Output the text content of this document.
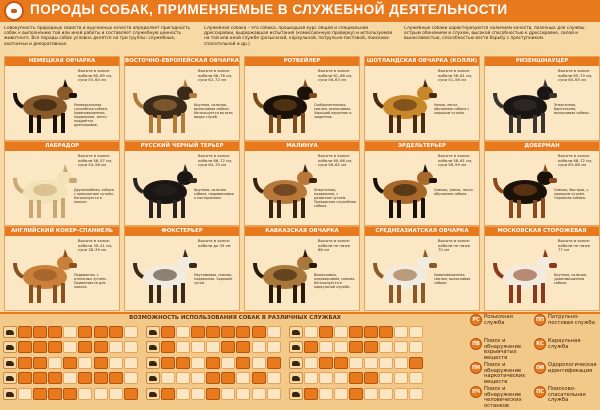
ПОРОДЫ СОБАК, ПРИМЕНЯЕМЫЕ В СЛУЖЕБНОЙ ДЕЯТЕЛЬНОСТИ
Совокупность природных свойств и выученных качеств определяет пригодность собак к выполнению той или иной работы и составляет служебную ценность животного. Все породы собак условно делятся на три группы: служебные, охотничьи и декоративные.
Служебная собака – это собака, прошедшая курс общей и специальной дрессировки, выдержавшая испытания (комиссионную проверку) и используемая на той или иной службе (розыскной, караульной, патрульно-постовой, поисково-спасательной и др.).
Служебные собаки характеризуются наличием качеств, полезных для службы: острым обонянием и слухом, высокой способностью к дрессировке, силой и выносливостью, способностью вести борьбу с преступником.
НЕМЕЦКАЯ ОВЧАРКА
Высота в холке: кобели 60–65 см, суки 55–60 см
Универсальная служебная собака. Уравновешенная, подвижная, легко поддаётся дрессировке.
ВОСТОЧНО-ЕВРОПЕЙСКАЯ ОВЧАРКА
Высота в холке: кобели 66–76 см, суки 62–72 см
Крупная, сильная, выносливая собака. Используется во всех видах служб.
РОТВЕЙЛЕР
Высота в холке: кобели 61–68 см, суки 56–63 см
Сообразительная, смелая, выносливая. Хороший охранник и защитник.
ШОТЛАНДСКАЯ ОВЧАРКА (КОЛЛИ)
Высота в холке: кобели 56–61 см, суки 51–56 см
Умная, легко обучаемая собака с хорошим чутьём.
РИЗЕНШНАУЦЕР
Высота в холке: кобели 65–70 см, суки 60–65 см
Энергичная, бдительная, выносливая собака.
ЛАБРАДОР
Высота в холке: кобели 56–57 см, суки 54–56 см
Дружелюбная, собака с прекрасным чутьём. Используется в поиске.
РУССКИЙ ЧЕРНЫЙ ТЕРЬЕР
Высота в холке: кобели 66–72 см, суки 64–70 см
Крупная, сильная собака, недоверчивая к посторонним.
МАЛИНУА
Высота в холке: кобели 60–66 см, суки 56–62 см
Энергичная, подвижная, с развитым чутьём. Прекрасная служебная собака.
ЭРДЕЛЬТЕРЬЕР
Высота в холке: кобели 58–61 см, суки 56–59 см
Смелая, умная, легко обучаемая собака.
ДОБЕРМАН
Высота в холке: кобели 68–72 см, суки 63–68 см
Смелая, быстрая, с хорошим чутьём. Охранная собака.
АНГЛИЙСКИЙ КОКЕР-СПАНИЕЛЬ
Высота в холке: кобели 39–41 см, суки 38–39 см
Подвижная, с отличным чутьём. Применяется для поиска.
ФОКСТЕРЬЕР
Высота в холке: кобели до 39 см
Неутомимая, смелая, подвижная. Хорошее чутьё.
КАВКАЗСКАЯ ОВЧАРКА
Высота в холке: кобели не ниже 68 см
Выносливая, недоверчивая, смелая. Используется в караульной службе.
СРЕДНЕАЗИАТСКАЯ ОВЧАРКА
Высота в холке: кобели не ниже 70 см
Уравновешенная, смелая, выносливая собака.
МОСКОВСКАЯ СТОРОЖЕВАЯ
Высота в холке: кобели не ниже 77 см
Крупная, сильная, уравновешенная собака.
ВОЗМОЖНОСТЬ ИСПОЛЬЗОВАНИЯ СОБАК В РАЗЛИЧНЫХ СЛУЖБАХ	РС
Розыскная служба
ПВ
Поиск и обнаружение взрывчатых веществ
ПН
Поиск и обнаружение наркотических веществ
ПЧ
Поиск и обнаружение человеческих останков
ПП
Патрульно-постовая служба
КС
Караульная служба
ОИ
Одорологическая идентификация
ПС
Поисково-спасательная служба
